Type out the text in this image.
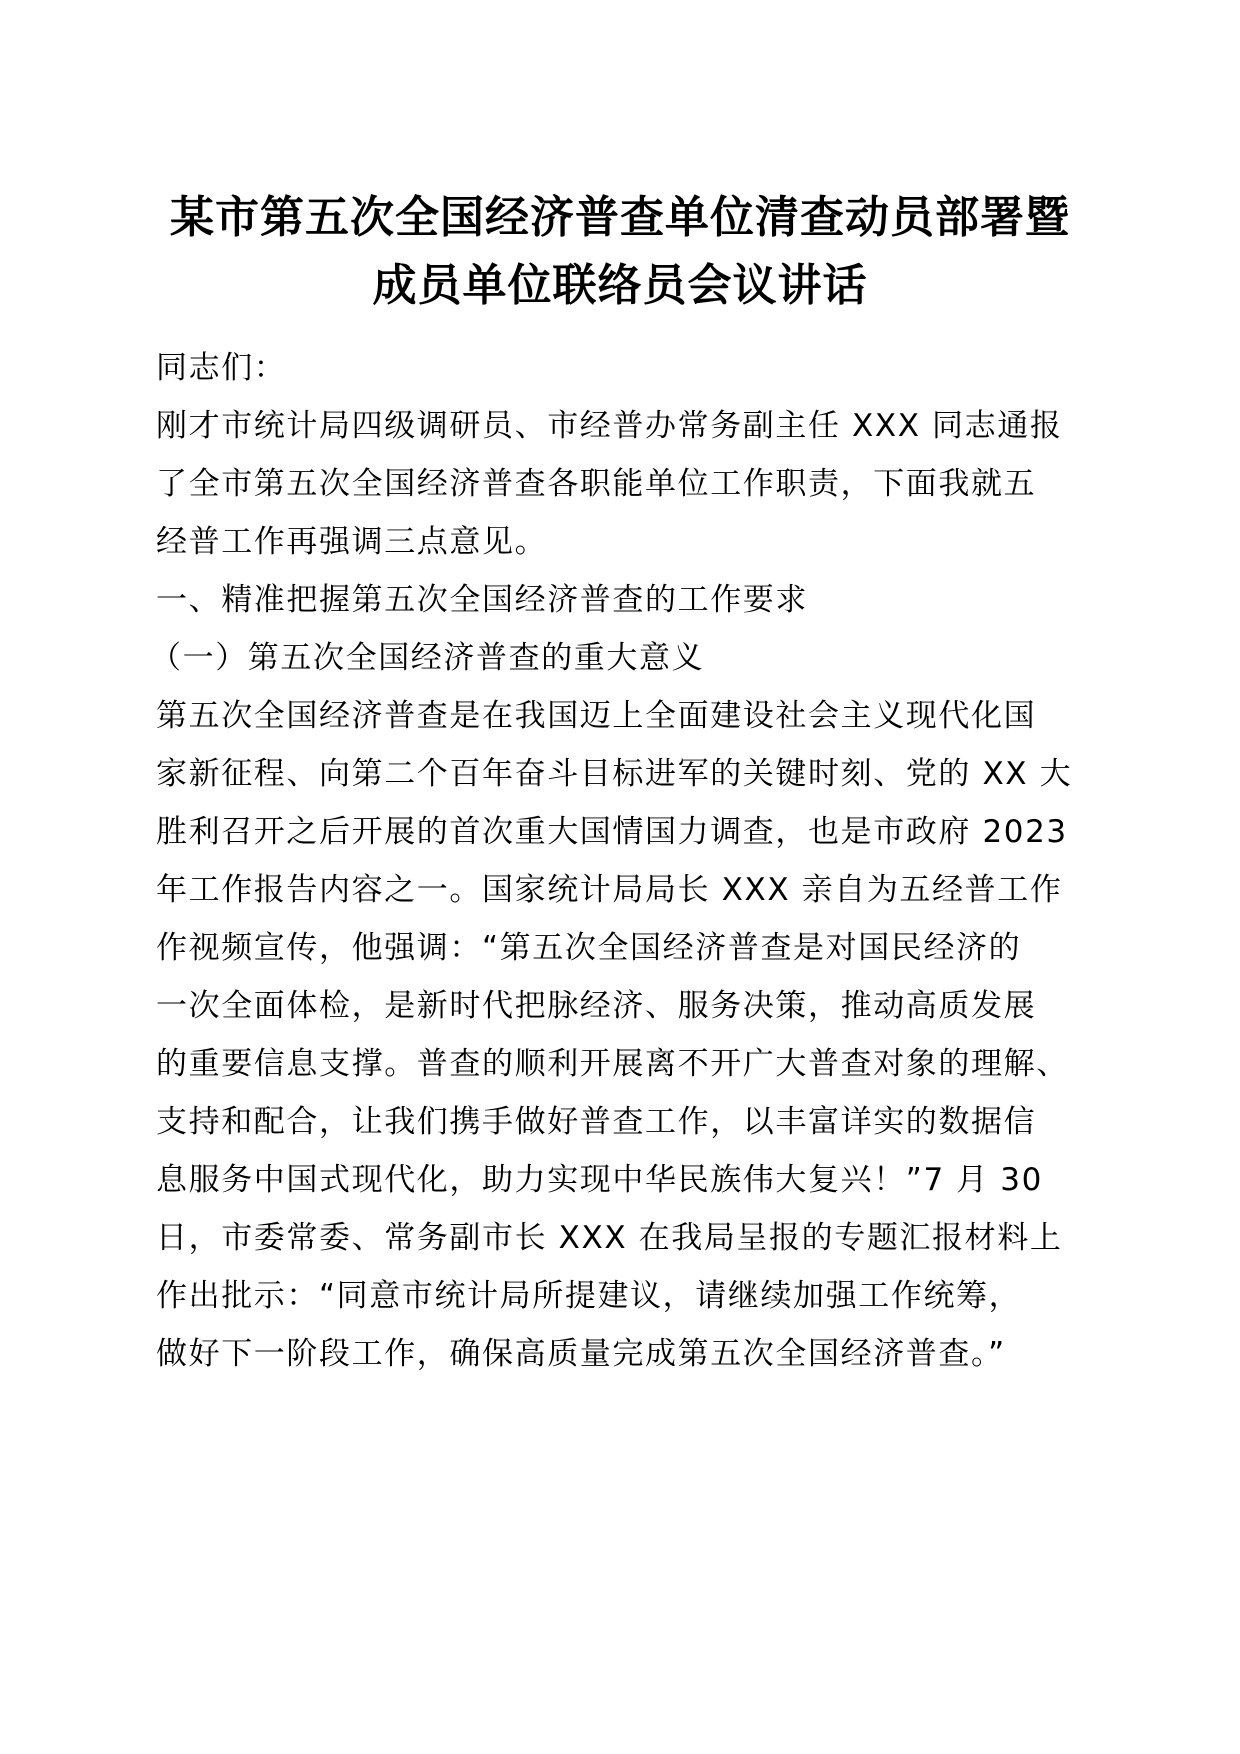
某市第五次全国经济普查单位清查动员部署暨
成员单位联络员会议讲话
同志们：
刚才市统计局四级调研员、市经普办常务副主任 XXX 同志通报
了全市第五次全国经济普查各职能单位工作职责，下面我就五
经普工作再强调三点意见。
一、精准把握第五次全国经济普查的工作要求
（一）第五次全国经济普查的重大意义
第五次全国经济普查是在我国迈上全面建设社会主义现代化国
家新征程、向第二个百年奋斗目标进军的关键时刻、党的 XX 大
胜利召开之后开展的首次重大国情国力调查，也是市政府 2023
年工作报告内容之一。国家统计局局长 XXX 亲自为五经普工作
作视频宣传，他强调：“第五次全国经济普查是对国民经济的
一次全面体检，是新时代把脉经济、服务决策，推动高质发展
的重要信息支撑。普查的顺利开展离不开广大普查对象的理解、
支持和配合，让我们携手做好普查工作，以丰富详实的数据信
息服务中国式现代化，助力实现中华民族伟大复兴！”7 月 30
日，市委常委、常务副市长 XXX 在我局呈报的专题汇报材料上
作出批示：“同意市统计局所提建议，请继续加强工作统筹，
做好下一阶段工作，确保高质量完成第五次全国经济普查。”
